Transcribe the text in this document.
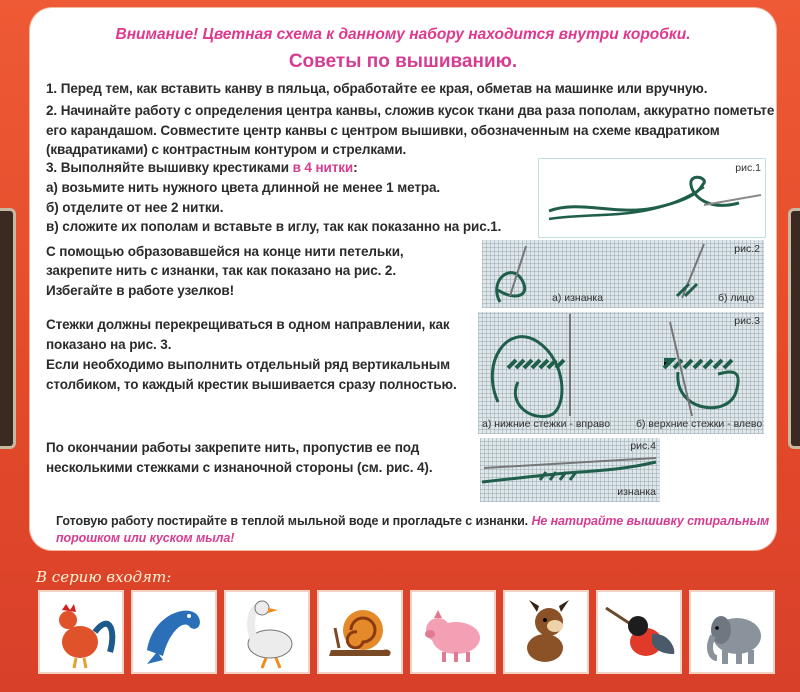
Внимание! Цветная схема к данному набору находится внутри коробки.
Советы по вышиванию.
1. Перед тем, как вставить канву в пяльца, обработайте ее края, обметав на машинке или вручную.
2. Начинайте работу с определения центра канвы, сложив кусок ткани два раза пополам, аккуратно пометьте
его карандашом. Совместите центр канвы с центром вышивки, обозначенным на схеме квадратиком
(квадратиками) с контрастным контуром и стрелками.
3. Выполняйте вышивку крестиками в 4 нитки:
а) возьмите нить нужного цвета длинной не менее 1 метра.
б) отделите от нее 2 нитки.
в) сложите их пополам и вставьте в иглу, так как показанно на рис.1.
рис.1
С помощью образовавшейся на конце нити петельки,
закрепите нить с изнанки, так как показано на рис. 2.
Избегайте в работе узелков!	а) изнанка	б) лицо
рис.2
Стежки должны перекрещиваться в одном направлении, как
показано на рис. 3.
Если необходимо выполнить отдельный ряд вертикальным
столбиком, то каждый крестик вышивается сразу полностью.
а) нижние стежки - вправо б) верхние стежки - влево
рис.3
По окончании работы закрепите нить, пропустив ее под
несколькими стежками с изнаночной стороны (см. рис. 4).
рис.4
изнанка
Готовую работу постирайте в теплой мыльной воде и прогладьте с изнанки. Не натирайте вышивку стиральным
порошком или куском мыла!
В серию входят:
